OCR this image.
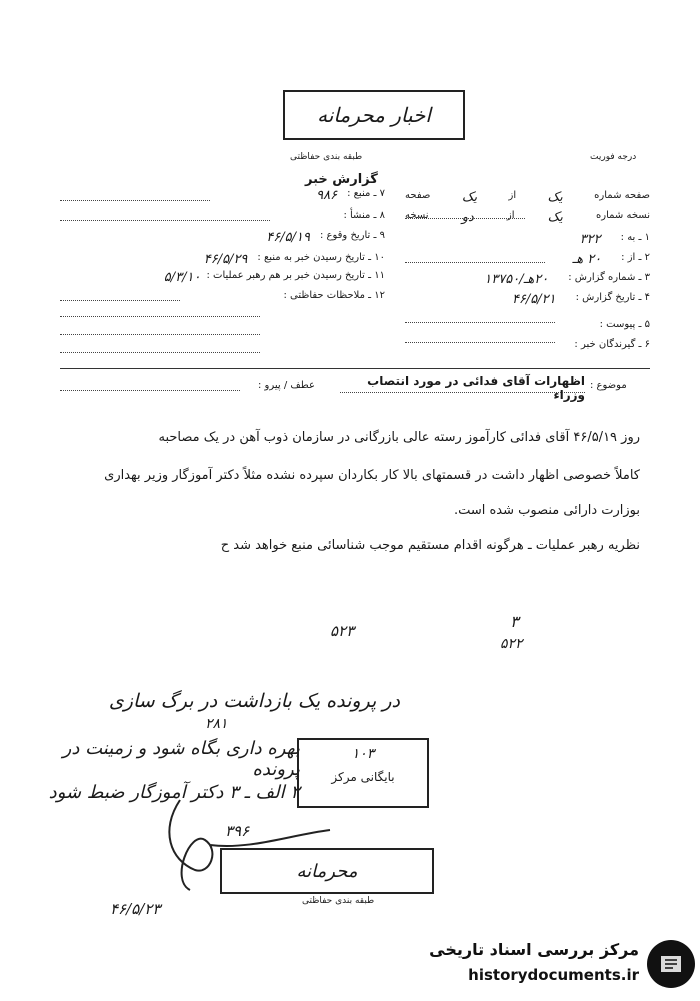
اخبار محرمانه
درجه فوریت
طبقه بندی حفاظتی
گزارش خبر
صفحه شماره
یک
از
یک
صفحه
نسخه شماره
یک
از
دو
نسخه
۱ ـ به :
۳۲۲
۲ ـ از :
۲۰ هـ
۳ ـ شماره گزارش :
۲۰هـ/۱۳۷۵۰
۴ ـ تاریخ گزارش :
۴۶/۵/۲۱
۵ ـ پیوست :
۶ ـ گیرندگان خبر :
۷ ـ منبع :
۹۸۶
۸ ـ منشأ :
۹ ـ تاریخ وقوع :
۴۶/۵/۱۹
۱۰ ـ تاریخ رسیدن خبر به منبع :
۴۶/۵/۲۹
۱۱ ـ تاریخ رسیدن خبر بر هم رهبر عملیات :
۵/۳/۱۰
۱۲ ـ ملاحظات حفاظتی :
موضوع :
اظهارات آقای فدائی در مورد انتصاب وزراء
عطف / پیرو :
روز ۴۶/۵/۱۹ آقای فدائی کارآموز رسته عالی بازرگانی در سازمان ذوب آهن در یک مصاحبه
کاملاً خصوصی اظهار داشت در قسمتهای بالا کار بکاردان سپرده نشده مثلاً دکتر آموزگار وزیر بهداری
بوزارت دارائی منصوب شده است.
نظریه رهبر عملیات ـ هرگونه اقدام مستقیم موجب شناسائی منبع خواهد شد ح
۳
۵۲۲
۵۲۳
در پرونده یک بازداشت در برگ سازی
۲۸۱
بهره داری بگاه شود و زمینت در پرونده
۲ الف ـ ۳ دکتر آموزگار ضبط شود
۳۹۶
۴۶/۵/۲۳
۱۰۳
بایگانی مرکز
محرمانه
طبقه بندی حفاظتی
مرکز بررسی اسناد تاریخی
historydocuments.ir
